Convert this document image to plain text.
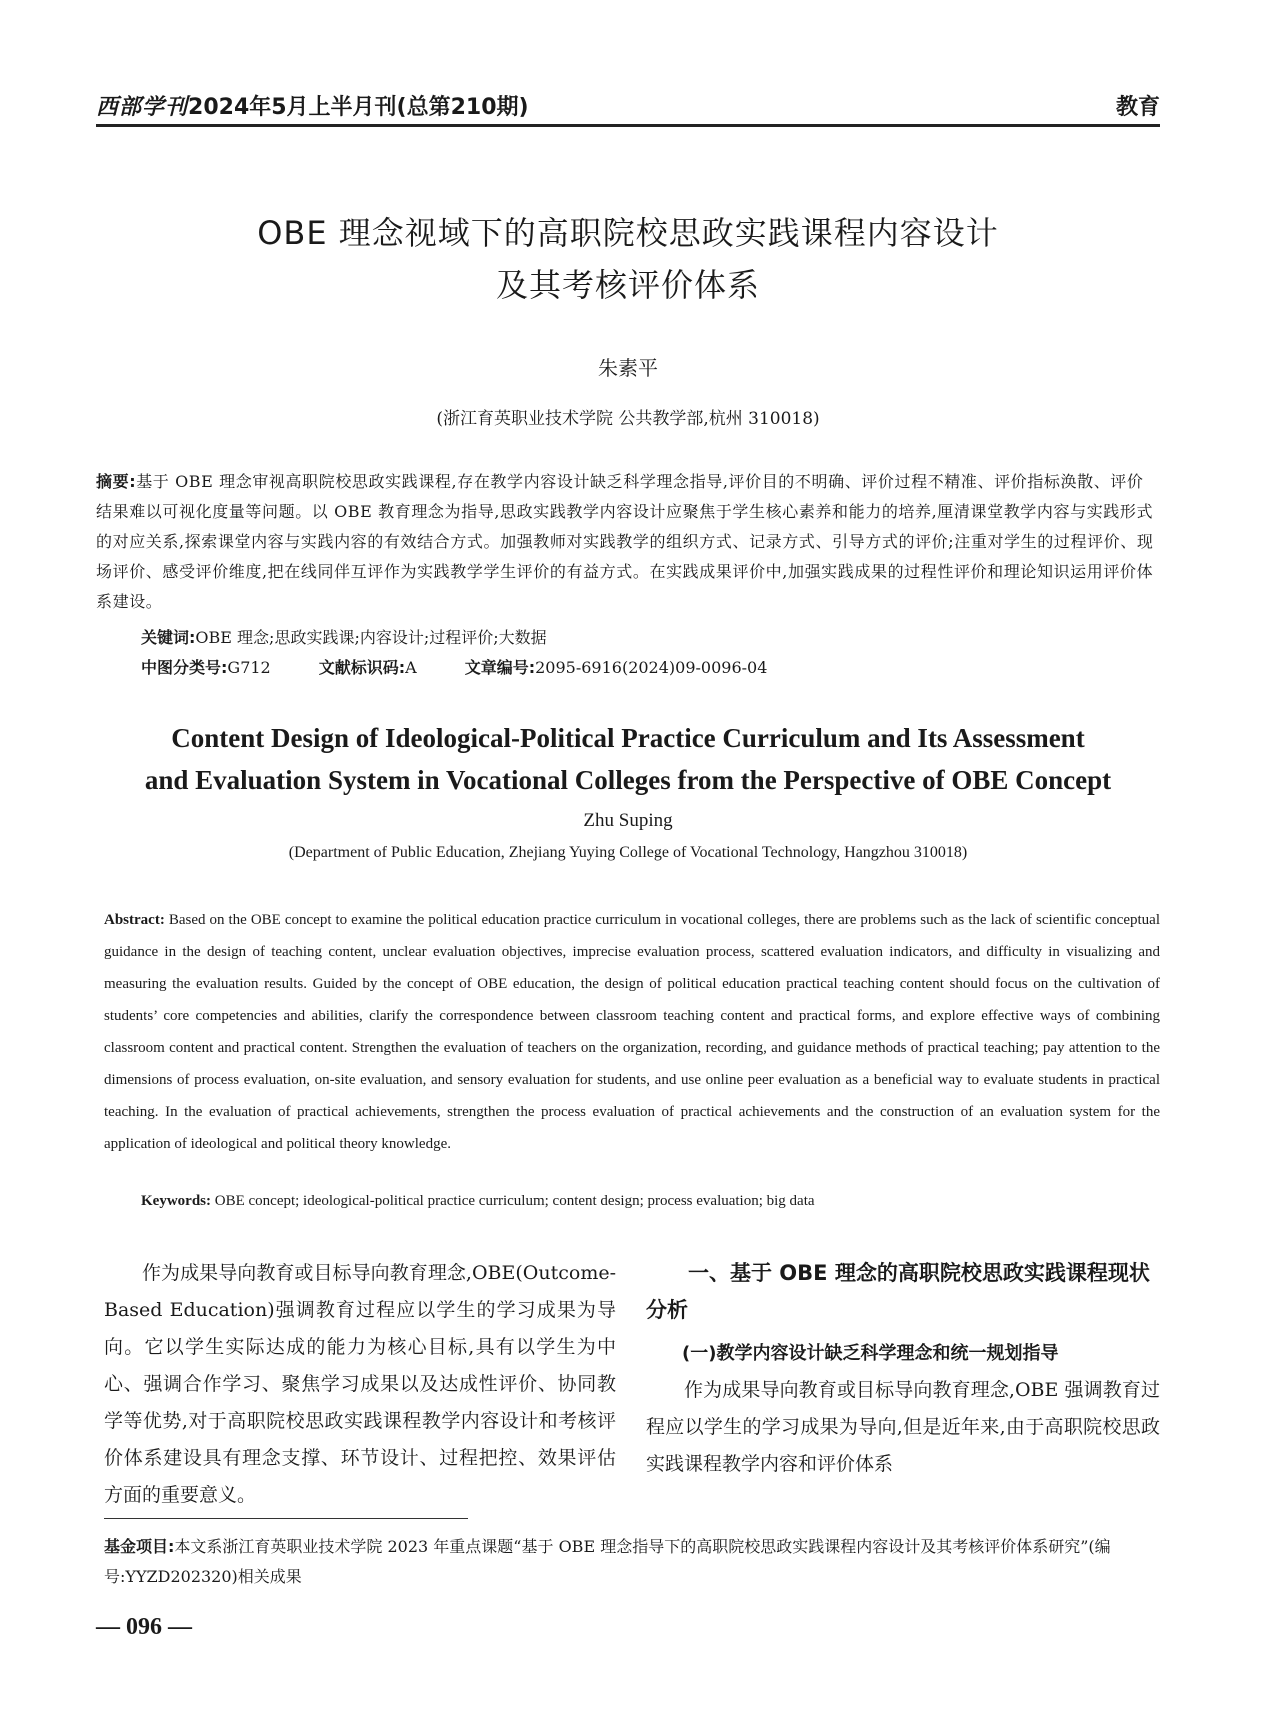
西部学刊2024年5月上半月刊(总第210期)	教育
OBE 理念视域下的高职院校思政实践课程内容设计
及其考核评价体系
朱素平
(浙江育英职业技术学院 公共教学部,杭州 310018)
摘要:基于 OBE 理念审视高职院校思政实践课程,存在教学内容设计缺乏科学理念指导,评价目的不明确、评价过程不精准、评价指标涣散、评价结果难以可视化度量等问题。以 OBE 教育理念为指导,思政实践教学内容设计应聚焦于学生核心素养和能力的培养,厘清课堂教学内容与实践形式的对应关系,探索课堂内容与实践内容的有效结合方式。加强教师对实践教学的组织方式、记录方式、引导方式的评价;注重对学生的过程评价、现场评价、感受评价维度,把在线同伴互评作为实践教学学生评价的有益方式。在实践成果评价中,加强实践成果的过程性评价和理论知识运用评价体系建设。
关键词:OBE 理念;思政实践课;内容设计;过程评价;大数据
中图分类号:G712	文献标识码:A	文章编号:2095-6916(2024)09-0096-04
Content Design of Ideological-Political Practice Curriculum and Its Assessment
and Evaluation System in Vocational Colleges from the Perspective of OBE Concept
Zhu Suping
(Department of Public Education, Zhejiang Yuying College of Vocational Technology, Hangzhou 310018)
Abstract: Based on the OBE concept to examine the political education practice curriculum in vocational colleges, there are problems such as the lack of scientific conceptual guidance in the design of teaching content, unclear evaluation objectives, imprecise evaluation process, scattered evaluation indicators, and difficulty in visualizing and measuring the evaluation results. Guided by the concept of OBE education, the design of political education practical teaching content should focus on the cultivation of students’ core competencies and abilities, clarify the correspondence between classroom teaching content and practical forms, and explore effective ways of combining classroom content and practical content. Strengthen the evaluation of teachers on the organization, recording, and guidance methods of practical teaching; pay attention to the dimensions of process evaluation, on-site evaluation, and sensory evaluation for students, and use online peer evaluation as a beneficial way to evaluate students in practical teaching. In the evaluation of practical achievements, strengthen the process evaluation of practical achievements and the construction of an evaluation system for the application of ideological and political theory knowledge.
Keywords: OBE concept; ideological-political practice curriculum; content design; process evaluation; big data

作为成果导向教育或目标导向教育理念,OBE(Outcome-Based Education)强调教育过程应以学生的学习成果为导向。它以学生实际达成的能力为核心目标,具有以学生为中心、强调合作学习、聚焦学习成果以及达成性评价、协同教学等优势,对于高职院校思政实践课程教学内容设计和考核评价体系建设具有理念支撑、环节设计、过程把控、效果评估方面的重要意义。

一、基于 OBE 理念的高职院校思政实践课程现状分析

(一)教学内容设计缺乏科学理念和统一规划指导

作为成果导向教育或目标导向教育理念,OBE 强调教育过程应以学生的学习成果为导向,但是近年来,由于高职院校思政实践课程教学内容和评价体系

基金项目:本文系浙江育英职业技术学院 2023 年重点课题“基于 OBE 理念指导下的高职院校思政实践课程内容设计及其考核评价体系研究”(编号:YYZD202320)相关成果
— 096 —
